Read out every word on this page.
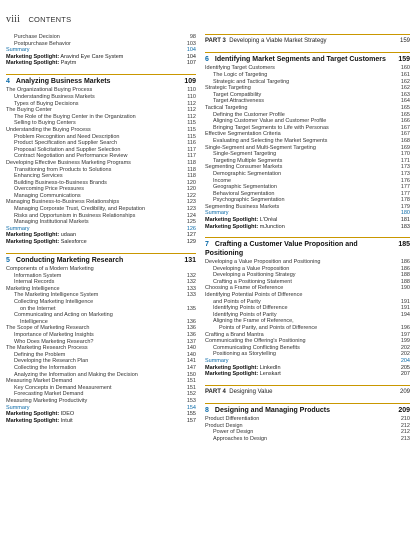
viii CONTENTS
Purchase Decision	98
Postpurchase Behavior	103
Summary	104
Marketing Spotlight: Aravind Eye Care System	104
Marketing Spotlight: Paytm	107
4 Analyzing Business Markets	109
The Organizational Buying Process	110
Understanding Business Markets	110
Types of Buying Decisions	112
The Buying Center	112
The Role of the Buying Center in the Organization	112
Selling to Buying Centers	115
Understanding the Buying Process	115
Problem Recognition and Need Description	115
Product Specification and Supplier Search	116
Proposal Solicitation and Supplier Selection	117
Contract Negotiation and Performance Review	117
Developing Effective Business Marketing Programs	118
Transitioning from Products to Solutions	118
Enhancing Services	118
Building Business-to-Business Brands	120
Overcoming Price Pressures	120
Managing Communications	122
Managing Business-to-Business Relationships	123
Managing Corporate Trust, Credibility, and Reputation	123
Risks and Opportunism in Business Relationships	124
Managing Institutional Markets	125
Summary	126
Marketing Spotlight: udaan	127
Marketing Spotlight: Salesforce	129
5 Conducting Marketing Research	131
Components of a Modern Marketing
Information System	132
Internal Records	132
Marketing Intelligence	133
The Marketing Intelligence System	133
Collecting Marketing Intelligence
on the Internet	135
Communicating and Acting on Marketing
Intelligence	136
The Scope of Marketing Research	136
Importance of Marketing Insights	136
Who Does Marketing Research?	137
The Marketing Research Process	140
Defining the Problem	140
Developing the Research Plan	141
Collecting the Information	147
Analyzing the Information and Making the Decision	150
Measuring Market Demand	151
Key Concepts in Demand Measurement	151
Forecasting Market Demand	152
Measuring Marketing Productivity	153
Summary	154
Marketing Spotlight: IDEO	155
Marketing Spotlight: Intuit	157
PART 3 Developing a Viable Market Strategy	159
6 Identifying Market Segments and Target Customers	159
Identifying Target Customers	160
The Logic of Targeting	161
Strategic and Tactical Targeting	162
Strategic Targeting	162
Target Compatibility	163
Target Attractiveness	164
Tactical Targeting	165
Defining the Customer Profile	165
Aligning Customer Value and Customer Profile	166
Bringing Target Segments to Life with Personas	167
Effective Segmentation Criteria	167
Evaluating and Selecting the Market Segments	168
Single-Segment and Multi-Segment Targeting	169
Single-Segment Targeting	170
Targeting Multiple Segments	171
Segmenting Consumer Markets	173
Demographic Segmentation	173
Income	176
Geographic Segmentation	177
Behavioral Segmentation	177
Psychographic Segmentation	178
Segmenting Business Markets	179
Summary	180
Marketing Spotlight: L'Oréal	181
Marketing Spotlight: mJunction	183
7 Crafting a Customer Value Proposition and Positioning
185
Developing a Value Proposition and Positioning	186
Developing a Value Proposition	186
Developing a Positioning Strategy	188
Crafting a Positioning Statement	188
Choosing a Frame of Reference	190
Identifying Potential Points of Difference
and Points of Parity	191
Identifying Points of Difference	191
Identifying Points of Parity	194
Aligning the Frame of Reference,
Points of Parity, and Points of Difference	196
Crafting a Brand Mantra	197
Communicating the Offering's Positioning	199
Communicating Conflicting Benefits	202
Positioning as Storytelling	202
Summary	204
Marketing Spotlight: LinkedIn	205
Marketing Spotlight: Lenskart	207
PART 4 Designing Value	209
8 Designing and Managing Products	209
Product Differentiation	210
Product Design	212
Power of Design	212
Approaches to Design	213
